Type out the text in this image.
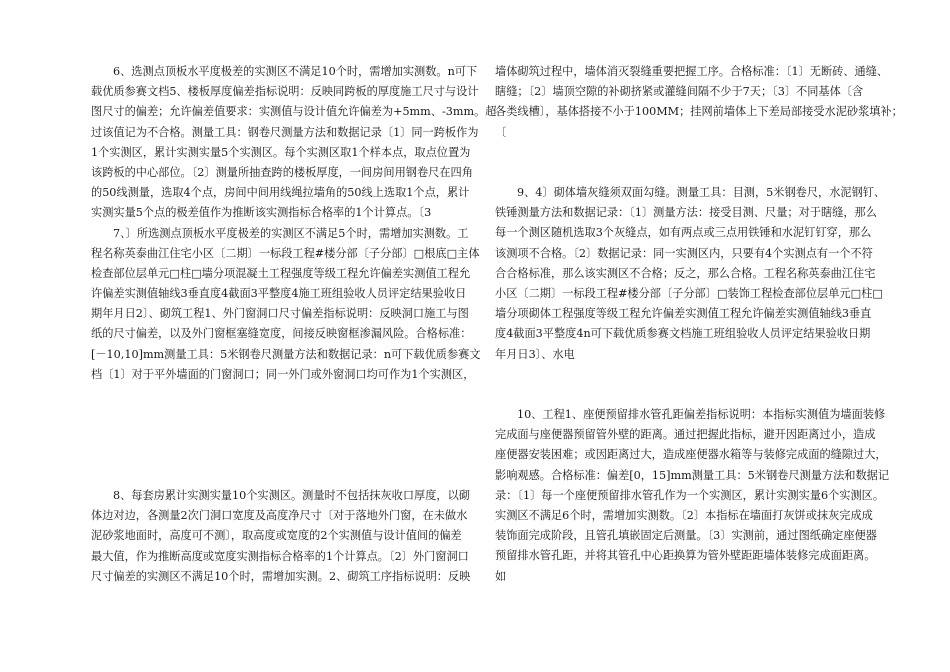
6、选测点顶板水平度极差的实测区不满足10个时，需增加实测数。n可下
载优质参赛文档5、楼板厚度偏差指标说明：反映同跨板的厚度施工尺寸与设计
图尺寸的偏差；允许偏差值要求：实测值与设计值允许偏差为+5mm、-3mm。超
过该值记为不合格。测量工具：钢卷尺测量方法和数据记录〔1〕同一跨板作为
1个实测区，累计实测实量5个实测区。每个实测区取1个样本点，取点位置为
该跨板的中心部位。〔2〕测量所抽查跨的楼板厚度，一间房间用钢卷尺在四角
的50线测量，选取4个点，房间中间用线绳拉墙角的50线上选取1个点，累计
实测实量5个点的极差值作为推断该实测指标合格率的1个计算点。〔3
7、〕所选测点顶板水平度极差的实测区不满足5个时，需增加实测数。工
程名称英泰曲江住宅小区〔二期〕一标段工程#楼分部〔子分部〕□根底□主体
检查部位层单元□柱□墙分项混凝土工程强度等级工程允许偏差实测值工程允
许偏差实测值轴线3垂直度4截面3平整度4施工班组验收人员评定结果验收日
期年月日2〕、砌筑工程1、外门窗洞口尺寸偏差指标说明：反映洞口施工与图
纸的尺寸偏差，以及外门窗框塞缝宽度，间接反映窗框渗漏风险。合格标准：
[－10,10]mm测量工具：5米钢卷尺测量方法和数据记录：n可下载优质参赛文
档〔1〕对于平外墙面的门窗洞口；同一外门或外窗洞口均可作为1个实测区，
8、每套房累计实测实量10个实测区。测量时不包括抹灰收口厚度，以砌
体边对边，各测量2次门洞口宽度及高度净尺寸〔对于落地外门窗，在未做水
泥砂浆地面时，高度可不测〕，取高度或宽度的2个实测值与设计值间的偏差
最大值，作为推断高度或宽度实测指标合格率的1个计算点。〔2〕外门窗洞口
尺寸偏差的实测区不满足10个时，需增加实测。2、砌筑工序指标说明：反映
墙体砌筑过程中，墙体消灭裂缝重要把握工序。合格标准：〔1〕无断砖、通缝、
瞎缝；〔2〕墙顶空隙的补砌挤紧或灌缝间隔不少于7天；〔3〕不同基体〔含
各类线槽〕，基体搭接不小于100MM；挂网前墙体上下差局部接受水泥砂浆填补；
〔
9、4〕砌体墙灰缝须双面勾缝。测量工具：目测，5米钢卷尺，水泥钢钉、
铁锤测量方法和数据记录：〔1〕测量方法：接受目测、尺量；对于瞎缝，那么
每一个测区随机选取3个灰缝点，如有两点或三点用铁锤和水泥钉钉穿，那么
该测项不合格。〔2〕数据记录：同一实测区内，只要有4个实测点有一个不符
合合格标准，那么该实测区不合格；反之，那么合格。工程名称英泰曲江住宅
小区〔二期〕一标段工程#楼分部〔子分部〕□装饰工程检查部位层单元□柱□
墙分项砌体工程强度等级工程允许偏差实测值工程允许偏差实测值轴线3垂直
度4截面3平整度4n可下载优质参赛文档施工班组验收人员评定结果验收日期
年月日3〕、水电
10、工程1、座便预留排水管孔距偏差指标说明：本指标实测值为墙面装修
完成面与座便器预留管外壁的距离。通过把握此指标，避开因距离过小，造成
座便器安装困难；或因距离过大，造成座便器水箱等与装修完成面的缝隙过大，
影响观感。合格标准：偏差[0，15]mm测量工具：5米钢卷尺测量方法和数据记
录：〔1〕每一个座便预留排水管孔作为一个实测区，累计实测实量6个实测区。
实测区不满足6个时，需增加实测数。〔2〕本指标在墙面打灰饼或抹灰完成成
装饰面完成阶段，且管孔填嵌固定后测量。〔3〕实测前，通过图纸确定座便器
预留排水管孔距，并将其管孔中心距换算为管外壁距距墙体装修完成面距离。
如
